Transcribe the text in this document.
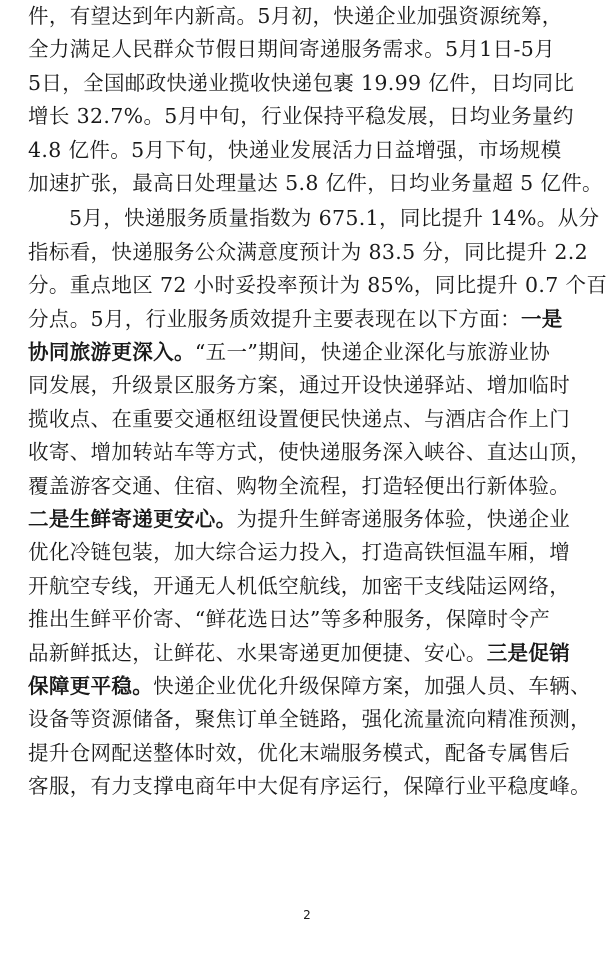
件，有望达到年内新高。5月初，快递企业加强资源统筹，
全力满足人民群众节假日期间寄递服务需求。5月1日-5月
5日，全国邮政快递业揽收快递包裹 19.99 亿件，日均同比
增长 32.7%。5月中旬，行业保持平稳发展，日均业务量约
4.8 亿件。5月下旬，快递业发展活力日益增强，市场规模
加速扩张，最高日处理量达 5.8 亿件，日均业务量超 5 亿件。
5月，快递服务质量指数为 675.1，同比提升 14%。从分
指标看，快递服务公众满意度预计为 83.5 分，同比提升 2.2
分。重点地区 72 小时妥投率预计为 85%，同比提升 0.7 个百
分点。5月，行业服务质效提升主要表现在以下方面：一是
协同旅游更深入。“五一”期间，快递企业深化与旅游业协
同发展，升级景区服务方案，通过开设快递驿站、增加临时
揽收点、在重要交通枢纽设置便民快递点、与酒店合作上门
收寄、增加转站车等方式，使快递服务深入峡谷、直达山顶，
覆盖游客交通、住宿、购物全流程，打造轻便出行新体验。
二是生鲜寄递更安心。为提升生鲜寄递服务体验，快递企业
优化冷链包装，加大综合运力投入，打造高铁恒温车厢，增
开航空专线，开通无人机低空航线，加密干支线陆运网络，
推出生鲜平价寄、“鲜花选日达”等多种服务，保障时令产
品新鲜抵达，让鲜花、水果寄递更加便捷、安心。三是促销
保障更平稳。快递企业优化升级保障方案，加强人员、车辆、
设备等资源储备，聚焦订单全链路，强化流量流向精准预测，
提升仓网配送整体时效，优化末端服务模式，配备专属售后
客服，有力支撑电商年中大促有序运行，保障行业平稳度峰。
2
